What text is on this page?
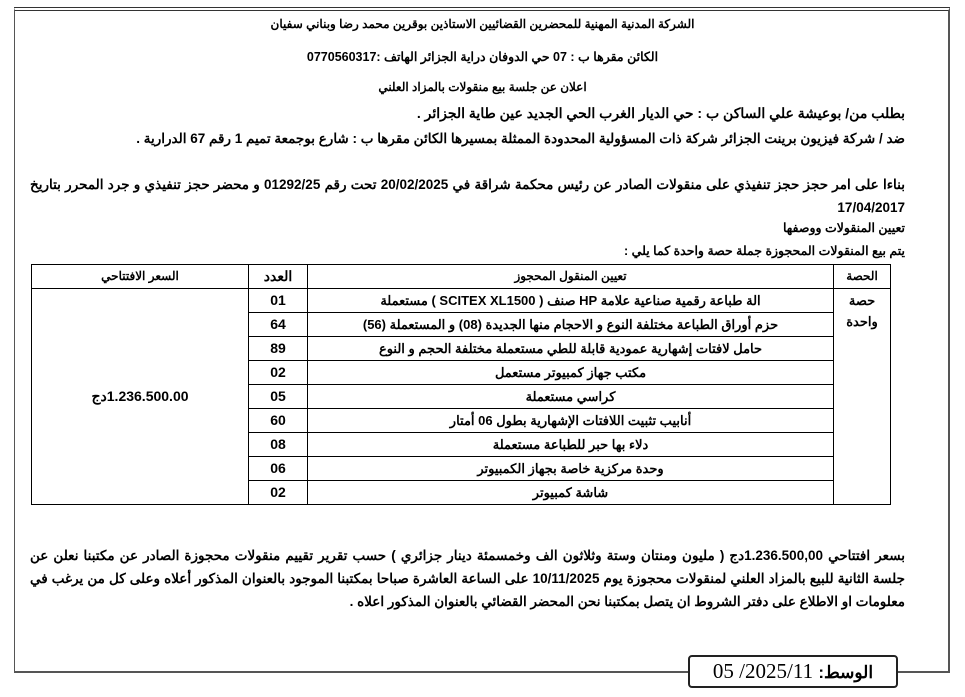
الشركة المدنية المهنية للمحضرين القضائيين الاستاذين بوقرين محمد رضا وبناني سفيان
الكائن مقرها ب : 07 حي الدوفان دراية الجزائر الهاتف :0770560317
اعلان عن جلسة بيع منقولات بالمزاد العلني
بطلب من/ بوعيشة علي الساكن ب : حي الديار الغرب الحي الجديد عين طاية الجزائر .
ضد / شركة فيزيون برينت الجزائر شركة ذات المسؤولية المحدودة الممثلة بمسيرها الكائن مقرها ب : شارع بوجمعة تميم 1 رقم 67 الدرارية .
بناءا على امر حجز حجز تنفيذي على منقولات الصادر عن رئيس محكمة شراقة في 20/02/2025 تحت رقم 01292/25 و محضر حجز تنفيذي و جرد المحرر بتاريخ 17/04/2017
تعيين المنقولات ووصفها
يتم بيع المنقولات المحجوزة جملة حصة واحدة كما يلي :
الحصة	تعيين المنقول المحجوز	العدد	السعر الافتتاحي
حصة واحدة	الة طباعة رقمية صناعية علامة HP صنف ( SCITEX XL1500 ) مستعملة	01	1.236.500.00دج
	حزم أوراق الطباعة مختلفة النوع و الاحجام منها الجديدة (08) و المستعملة (56)	64	
	حامل لافتات إشهارية عمودية قابلة للطي مستعملة مختلفة الحجم و النوع	89	
	مكتب جهاز كمبيوتر مستعمل	02	
	كراسي مستعملة	05	
	أنابيب تثبيت اللافتات الإشهارية بطول 06 أمتار	60	
	دلاء بها حبر للطباعة مستعملة	08	
	وحدة مركزية خاصة بجهاز الكمبيوتر	06	
	شاشة كمبيوتر	02	
بسعر افتتاحي 1.236.500,00دج ( مليون ومنتان وستة وثلاثون الف وخمسمئة دينار جزائري ) حسب تقرير تقييم منقولات محجوزة الصادر عن مكتبنا نعلن عن جلسة الثانية للبيع بالمزاد العلني لمنقولات محجوزة يوم 10/11/2025 على الساعة العاشرة صباحا بمكتبنا الموجود بالعنوان المذكور أعلاه وعلى كل من يرغب في معلومات او الاطلاع على دفتر الشروط ان يتصل بمكتبنا نحن المحضر القضائي بالعنوان المذكور اعلاه .
الوسط: 2025/11/ 05
